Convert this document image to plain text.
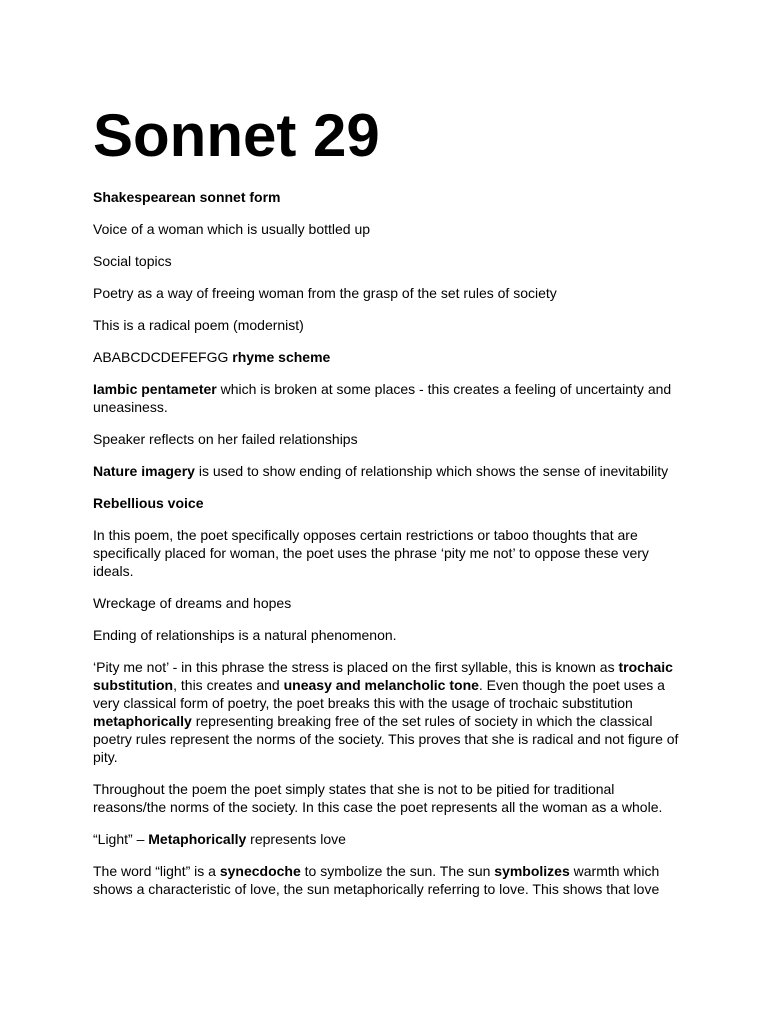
Sonnet 29

Shakespearean sonnet form

Voice of a woman which is usually bottled up

Social topics

Poetry as a way of freeing woman from the grasp of the set rules of society

This is a radical poem (modernist)

ABABCDCDEFEFGG rhyme scheme

Iambic pentameter which is broken at some places - this creates a feeling of uncertainty and uneasiness.

Speaker reflects on her failed relationships

Nature imagery is used to show ending of relationship which shows the sense of inevitability

Rebellious voice

In this poem, the poet specifically opposes certain restrictions or taboo thoughts that are specifically placed for woman, the poet uses the phrase ‘pity me not’ to oppose these very ideals.

Wreckage of dreams and hopes

Ending of relationships is a natural phenomenon.

‘Pity me not’ - in this phrase the stress is placed on the first syllable, this is known as trochaic substitution, this creates and uneasy and melancholic tone. Even though the poet uses a very classical form of poetry, the poet breaks this with the usage of trochaic substitution metaphorically representing breaking free of the set rules of society in which the classical poetry rules represent the norms of the society. This proves that she is radical and not figure of pity.

Throughout the poem the poet simply states that she is not to be pitied for traditional reasons/the norms of the society. In this case the poet represents all the woman as a whole.

“Light” – Metaphorically represents love

The word “light” is a synecdoche to symbolize the sun. The sun symbolizes warmth which shows a characteristic of love, the sun metaphorically referring to love. This shows that love
